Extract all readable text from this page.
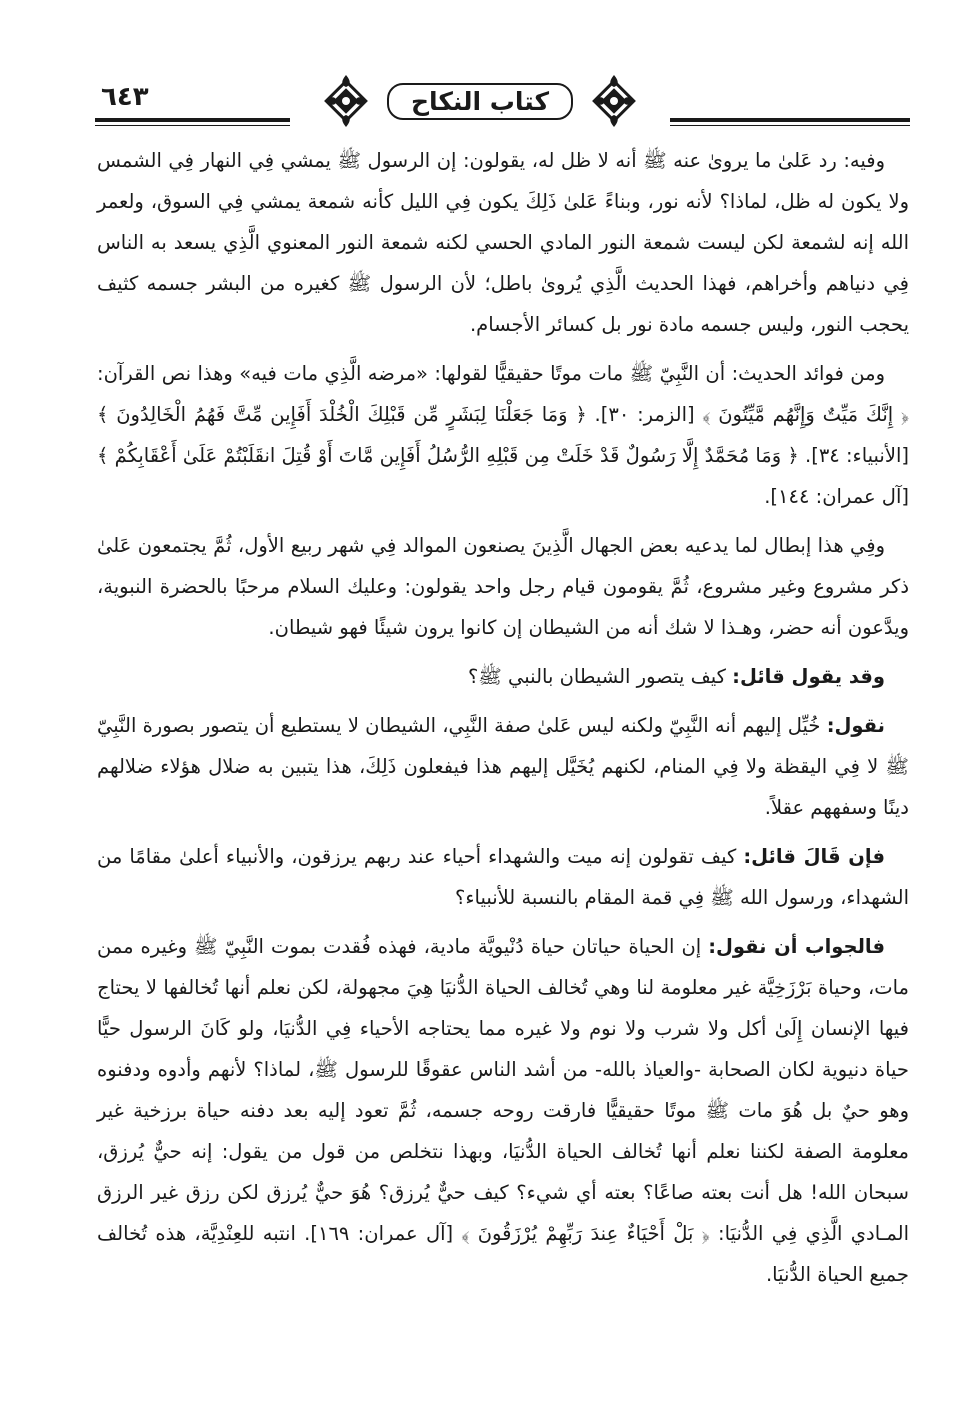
٦٤٣	كتاب النكاح

وفيه: رد عَلىٰ ما يروىٰ عنه ﷺ أنه لا ظل له، يقولون: إن الرسول ﷺ يمشي فِي النهار فِي الشمس ولا يكون له ظل، لماذا؟ لأنه نور، وبناءً عَلىٰ ذَلِكَ يكون فِي الليل كأنه شمعة يمشي فِي السوق، ولعمر الله إنه لشمعة لكن ليست شمعة النور المادي الحسي لكنه شمعة النور المعنوي الَّذِي يسعد به الناس فِي دنياهم وأخراهم، فهذا الحديث الَّذِي يُروىٰ باطل؛ لأن الرسول ﷺ كغيره من البشر جسمه كثيف يحجب النور، وليس جسمه مادة نور بل كسائر الأجسام.

ومن فوائد الحديث: أن النَّبِيّ ﷺ مات موتًا حقيقيًّا لقولها: «مرضه الَّذِي مات فيه» وهذا نص القرآن: ﴿ إِنَّكَ مَيِّتٌ وَإِنَّهُم مَّيِّتُونَ ﴾ [الزمر: ٣٠]. ﴿ وَمَا جَعَلْنَا لِبَشَرٍ مِّن قَبْلِكَ الْخُلْدَ أَفَإِين مِّتَّ فَهُمُ الْخَالِدُونَ ﴾ [الأنبياء: ٣٤]. ﴿ وَمَا مُحَمَّدٌ إِلَّا رَسُولٌ قَدْ خَلَتْ مِن قَبْلِهِ الرُّسُلُ أَفَإِين مَّاتَ أَوْ قُتِلَ انقَلَبْتُمْ عَلَىٰ أَعْقَابِكُمْ ﴾ [آل عمران: ١٤٤].

وفِي هذا إبطال لما يدعيه بعض الجهال الَّذِينَ يصنعون الموالد فِي شهر ربيع الأول، ثُمَّ يجتمعون عَلىٰ ذكر مشروع وغير مشروع، ثُمَّ يقومون قيام رجل واحد يقولون: وعليك السلام مرحبًا بالحضرة النبوية، ويدَّعون أنه حضر، وهـذا لا شك أنه من الشيطان إن كانوا يرون شيئًا فهو شيطان.

وقد يقول قائل: كيف يتصور الشيطان بالنبي ﷺ؟

نقول: خُيِّل إليهم أنه النَّبِيّ ولكنه ليس عَلىٰ صفة النَّبِي، الشيطان لا يستطيع أن يتصور بصورة النَّبِيّ ﷺ لا فِي اليقظة ولا فِي المنام، لكنهم يُخَيَّل إليهم هذا فيفعلون ذَلِكَ، هذا يتبين به ضلال هؤلاء ضلالهم دينًا وسفههم عقلاً.

فإن قَالَ قائل: كيف تقولون إنه ميت والشهداء أحياء عند ربهم يرزقون، والأنبياء أعلىٰ مقامًا من الشهداء، ورسول الله ﷺ فِي قمة المقام بالنسبة للأنبياء؟

فالجواب أن نقول: إن الحياة حياتان حياة دُنْيويَّة مادية، فهذه فُقدت بموت النَّبِيّ ﷺ وغيره ممن مات، وحياة بَرْزَخِيَّة غير معلومة لنا وهي تُخالف الحياة الدُّنيَا هِيَ مجهولة، لكن نعلم أنها تُخالفها لا يحتاج فيها الإنسان إِلَىٰ أكل ولا شرب ولا نوم ولا غيره مما يحتاجه الأحياء فِي الدُّنيَا، ولو كَانَ الرسول حيًّا حياة دنيوية لكان الصحابة -والعياذ بالله- من أشد الناس عقوقًا للرسول ﷺ، لماذا؟ لأنهم وأدوه ودفنوه وهو حيٌ بل هُوَ مات ﷺ موتًا حقيقيًّا فارقت روحه جسمه، ثُمَّ تعود إليه بعد دفنه حياة برزخية غير معلومة الصفة لكننا نعلم أنها تُخالف الحياة الدُّنيَا، وبهذا نتخلص من قول من يقول: إنه حيٌّ يُرزق، سبحان الله! هل أنت بعته صاعًا؟ بعته أي شيء؟ كيف حيٌّ يُرزق؟ هُوَ حيٌّ يُرزق لكن رزق غير الرزق المـادي الَّذِي فِي الدُّنيَا: ﴿ بَلْ أَحْيَاءٌ عِندَ رَبِّهِمْ يُرْزَقُونَ ﴾ [آل عمران: ١٦٩]. انتبه للعِنْدِيَّة، هذه تُخالف جميع الحياة الدُّنيَا.
